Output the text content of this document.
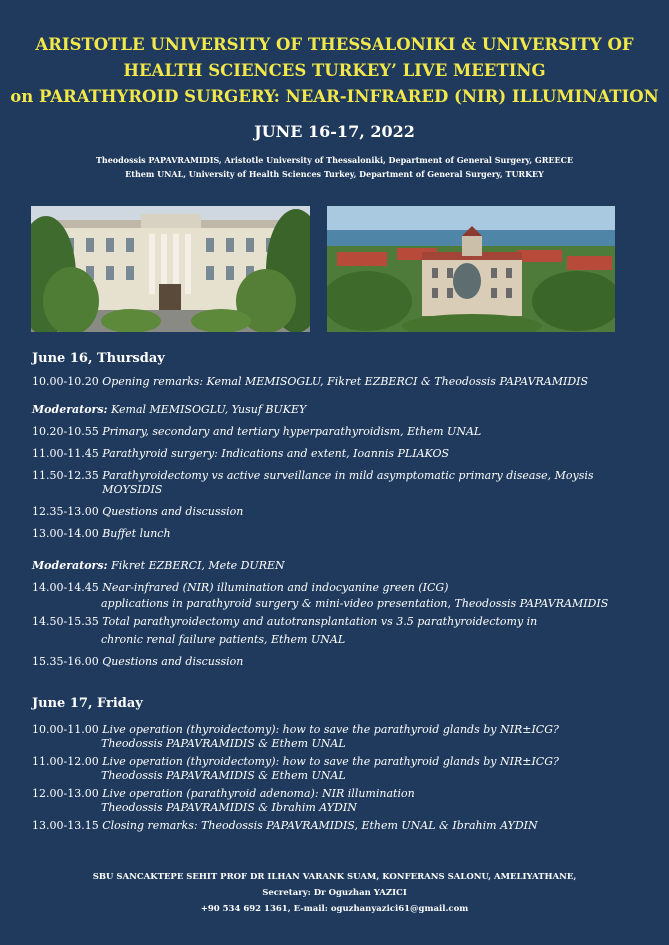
ARISTOTLE UNIVERSITY OF THESSALONIKI & UNIVERSITY OF
HEALTH SCIENCES TURKEY’ LIVE MEETING
on PARATHYROID SURGERY: NEAR-INFRARED (NIR) ILLUMINATION
JUNE 16-17, 2022
Theodossis PAPAVRAMIDIS, Aristotle University of Thessaloniki, Department of General Surgery, GREECE
Ethem UNAL, University of Health Sciences Turkey, Department of General Surgery, TURKEY
June 16, Thursday
10.00-10.20
Opening remarks: Kemal MEMISOGLU, Fikret EZBERCI & Theodossis PAPAVRAMIDIS
Moderators: Kemal MEMISOGLU, Yusuf BUKEY
10.20-10.55
Primary, secondary and tertiary hyperparathyroidism, Ethem UNAL
11.00-11.45
Parathyroid surgery: Indications and extent, Ioannis PLIAKOS
11.50-12.35
Parathyroidectomy vs active surveillance in mild asymptomatic primary disease, Moysis MOYSIDIS
12.35-13.00
Questions and discussion
13.00-14.00
Buffet lunch
Moderators: Fikret EZBERCI, Mete DUREN
14.00-14.45
Near-infrared (NIR) illumination and indocyanine green (ICG)
applications in parathyroid surgery & mini-video presentation, Theodossis PAPAVRAMIDIS
14.50-15.35
Total parathyroidectomy and autotransplantation vs 3.5 parathyroidectomy in
chronic renal failure patients, Ethem UNAL
15.35-16.00
Questions and discussion
June 17, Friday
10.00-11.00
Live operation (thyroidectomy): how to save the parathyroid glands by NIR±ICG?
Theodossis PAPAVRAMIDIS & Ethem UNAL
11.00-12.00
Live operation (thyroidectomy): how to save the parathyroid glands by NIR±ICG?
Theodossis PAPAVRAMIDIS & Ethem UNAL
12.00-13.00
Live operation (parathyroid adenoma): NIR illumination
Theodossis PAPAVRAMIDIS & Ibrahim AYDIN
13.00-13.15
Closing remarks: Theodossis PAPAVRAMIDIS, Ethem UNAL & Ibrahim AYDIN
SBU SANCAKTEPE SEHIT PROF DR ILHAN VARANK SUAM, KONFERANS SALONU, AMELIYATHANE,
Secretary: Dr Oguzhan YAZICI
+90 534 692 1361, E-mail: oguzhanyazici61@gmail.com
